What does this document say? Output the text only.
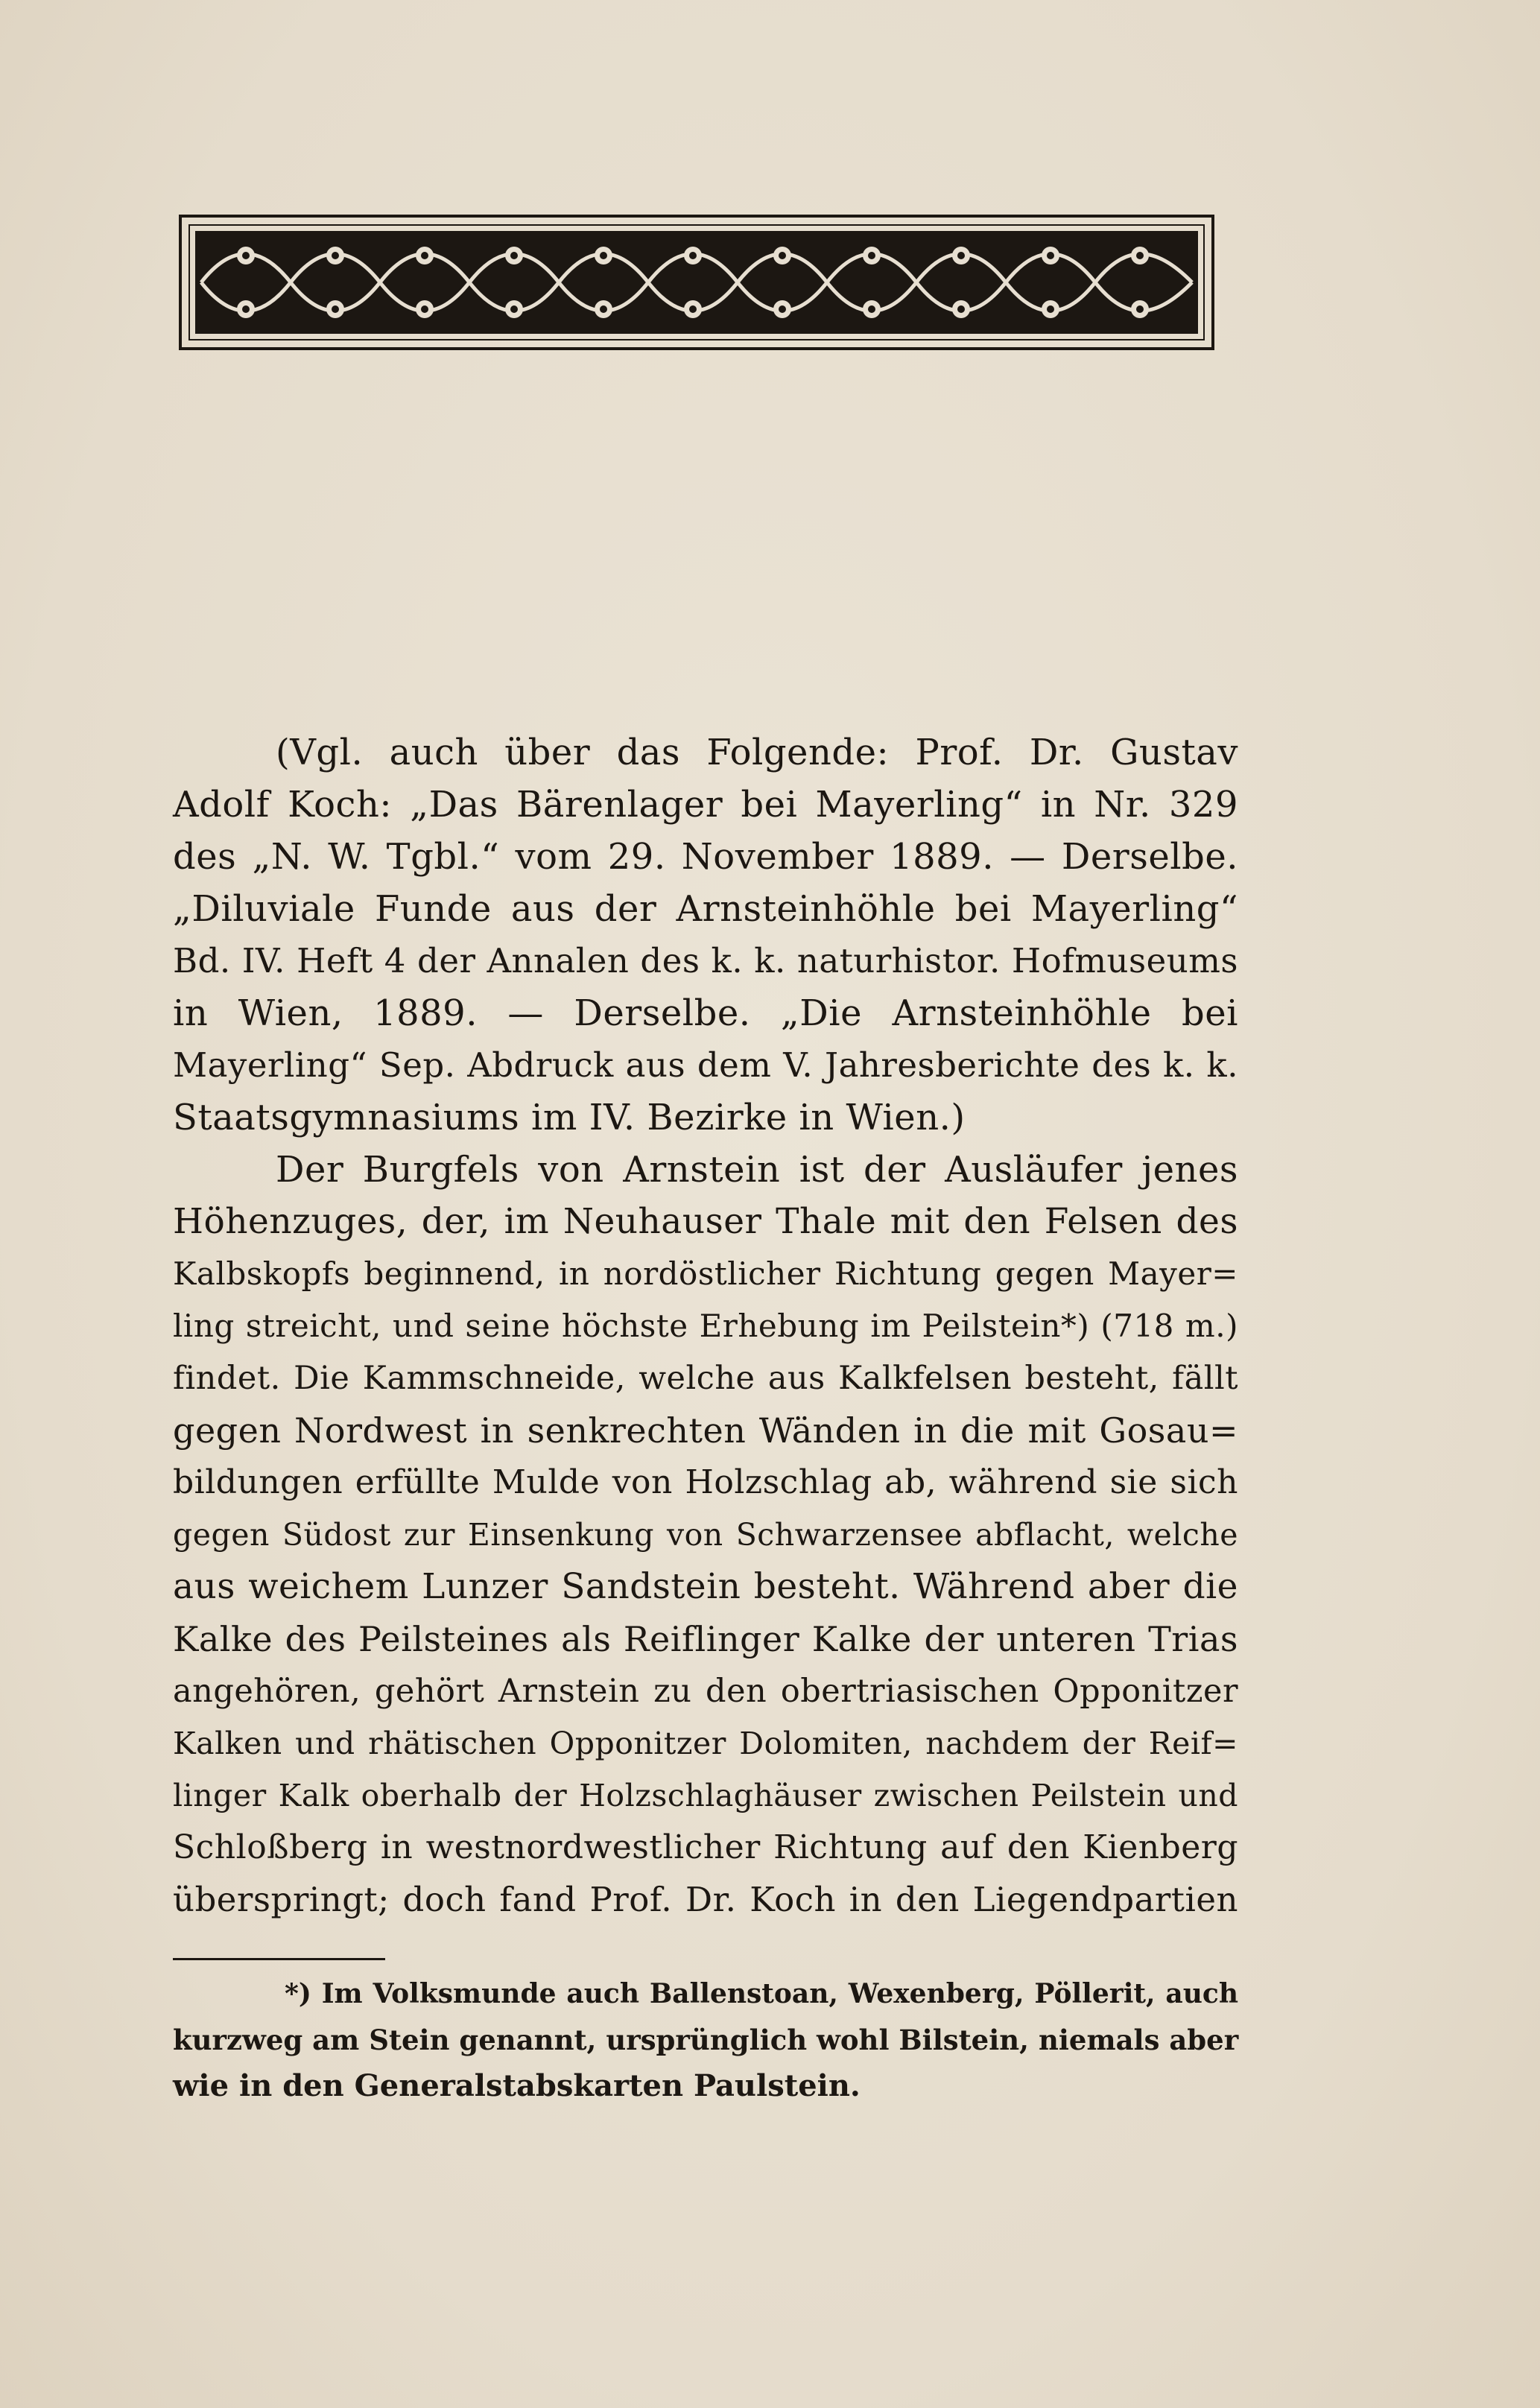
(Vgl. auch über das Folgende: Prof. Dr. Gustav
Adolf Koch: „Das Bärenlager bei Mayerling“ in Nr. 329
des „N. W. Tgbl.“ vom 29. November 1889. — Derselbe.
„Diluviale Funde aus der Arnsteinhöhle bei Mayerling“
Bd. IV. Heft 4 der Annalen des k. k. naturhistor. Hofmuseums
in Wien, 1889. — Derselbe. „Die Arnsteinhöhle bei
Mayerling“ Sep. Abdruck aus dem V. Jahresberichte des k. k.
Staatsgymnasiums im IV. Bezirke in Wien.)
Der Burgfels von Arnstein ist der Ausläufer jenes
Höhenzuges, der, im Neuhauser Thale mit den Felsen des
Kalbskopfs beginnend, in nordöstlicher Richtung gegen Mayer=
ling streicht, und seine höchste Erhebung im Peilstein*) (718 m.)
findet. Die Kammschneide, welche aus Kalkfelsen besteht, fällt
gegen Nordwest in senkrechten Wänden in die mit Gosau=
bildungen erfüllte Mulde von Holzschlag ab, während sie sich
gegen Südost zur Einsenkung von Schwarzensee abflacht, welche
aus weichem Lunzer Sandstein besteht. Während aber die
Kalke des Peilsteines als Reiflinger Kalke der unteren Trias
angehören, gehört Arnstein zu den obertriasischen Opponitzer
Kalken und rhätischen Opponitzer Dolomiten, nachdem der Reif=
linger Kalk oberhalb der Holzschlaghäuser zwischen Peilstein und
Schloßberg in westnordwestlicher Richtung auf den Kienberg
überspringt; doch fand Prof. Dr. Koch in den Liegendpartien
*) Im Volksmunde auch Ballenstoan, Wexenberg, Pöllerit, auch
kurzweg am Stein genannt, ursprünglich wohl Bilstein, niemals aber
wie in den Generalstabskarten Paulstein.
